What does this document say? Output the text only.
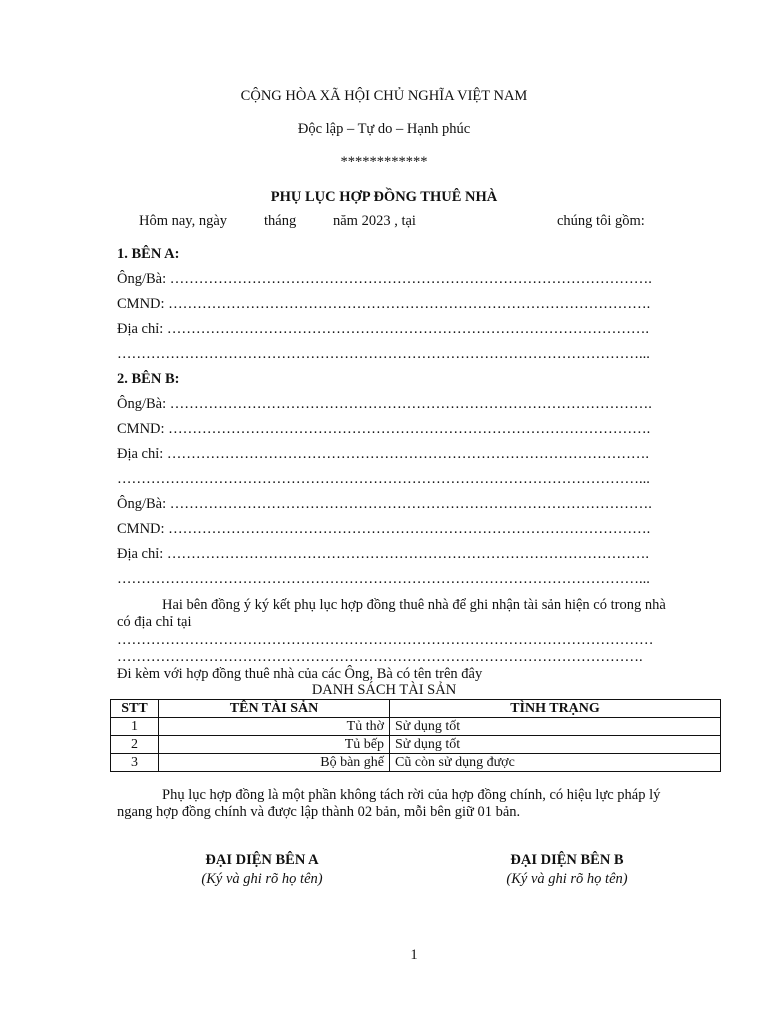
CỘNG HÒA XÃ HỘI CHỦ NGHĨA VIỆT NAM
Độc lập – Tự do – Hạnh phúc
************
PHỤ LỤC HỢP ĐỒNG THUÊ NHÀ
Hôm nay, ngày	tháng	năm 2023 , tại	chúng tôi gồm:
1. BÊN A:
Ông/Bà: ……………………………………………………………………………………….
CMND: ……………………………………………………………………………………….
Địa chỉ: ……………………………………………………………………………………….
………………………………………………………………………………………………...
2. BÊN B:
Ông/Bà: ……………………………………………………………………………………….
CMND: ……………………………………………………………………………………….
Địa chỉ: ……………………………………………………………………………………….
………………………………………………………………………………………………...
Ông/Bà: ……………………………………………………………………………………….
CMND: ……………………………………………………………………………………….
Địa chỉ: ……………………………………………………………………………………….
………………………………………………………………………………………………...
Hai bên đồng ý ký kết phụ lục hợp đồng thuê nhà để ghi nhận tài sản hiện có trong nhà
có địa chỉ tại
…………………………………………………………………………………………………
……………………………………………………………………………………………….
Đi kèm với hợp đồng thuê nhà của các Ông, Bà có tên trên đây
DANH SÁCH TÀI SẢN
STT	TÊN TÀI SẢN	TÌNH TRẠNG
1	Tủ thờ	Sử dụng tốt
2	Tủ bếp	Sử dụng tốt
3	Bộ bàn ghế	Cũ còn sử dụng được
Phụ lục hợp đồng là một phần không tách rời của hợp đồng chính, có hiệu lực pháp lý
ngang hợp đồng chính và được lập thành 02 bản, mỗi bên giữ 01 bản.
ĐẠI DIỆN BÊN A
(Ký và ghi rõ họ tên)
ĐẠI DIỆN BÊN B
(Ký và ghi rõ họ tên)
1
